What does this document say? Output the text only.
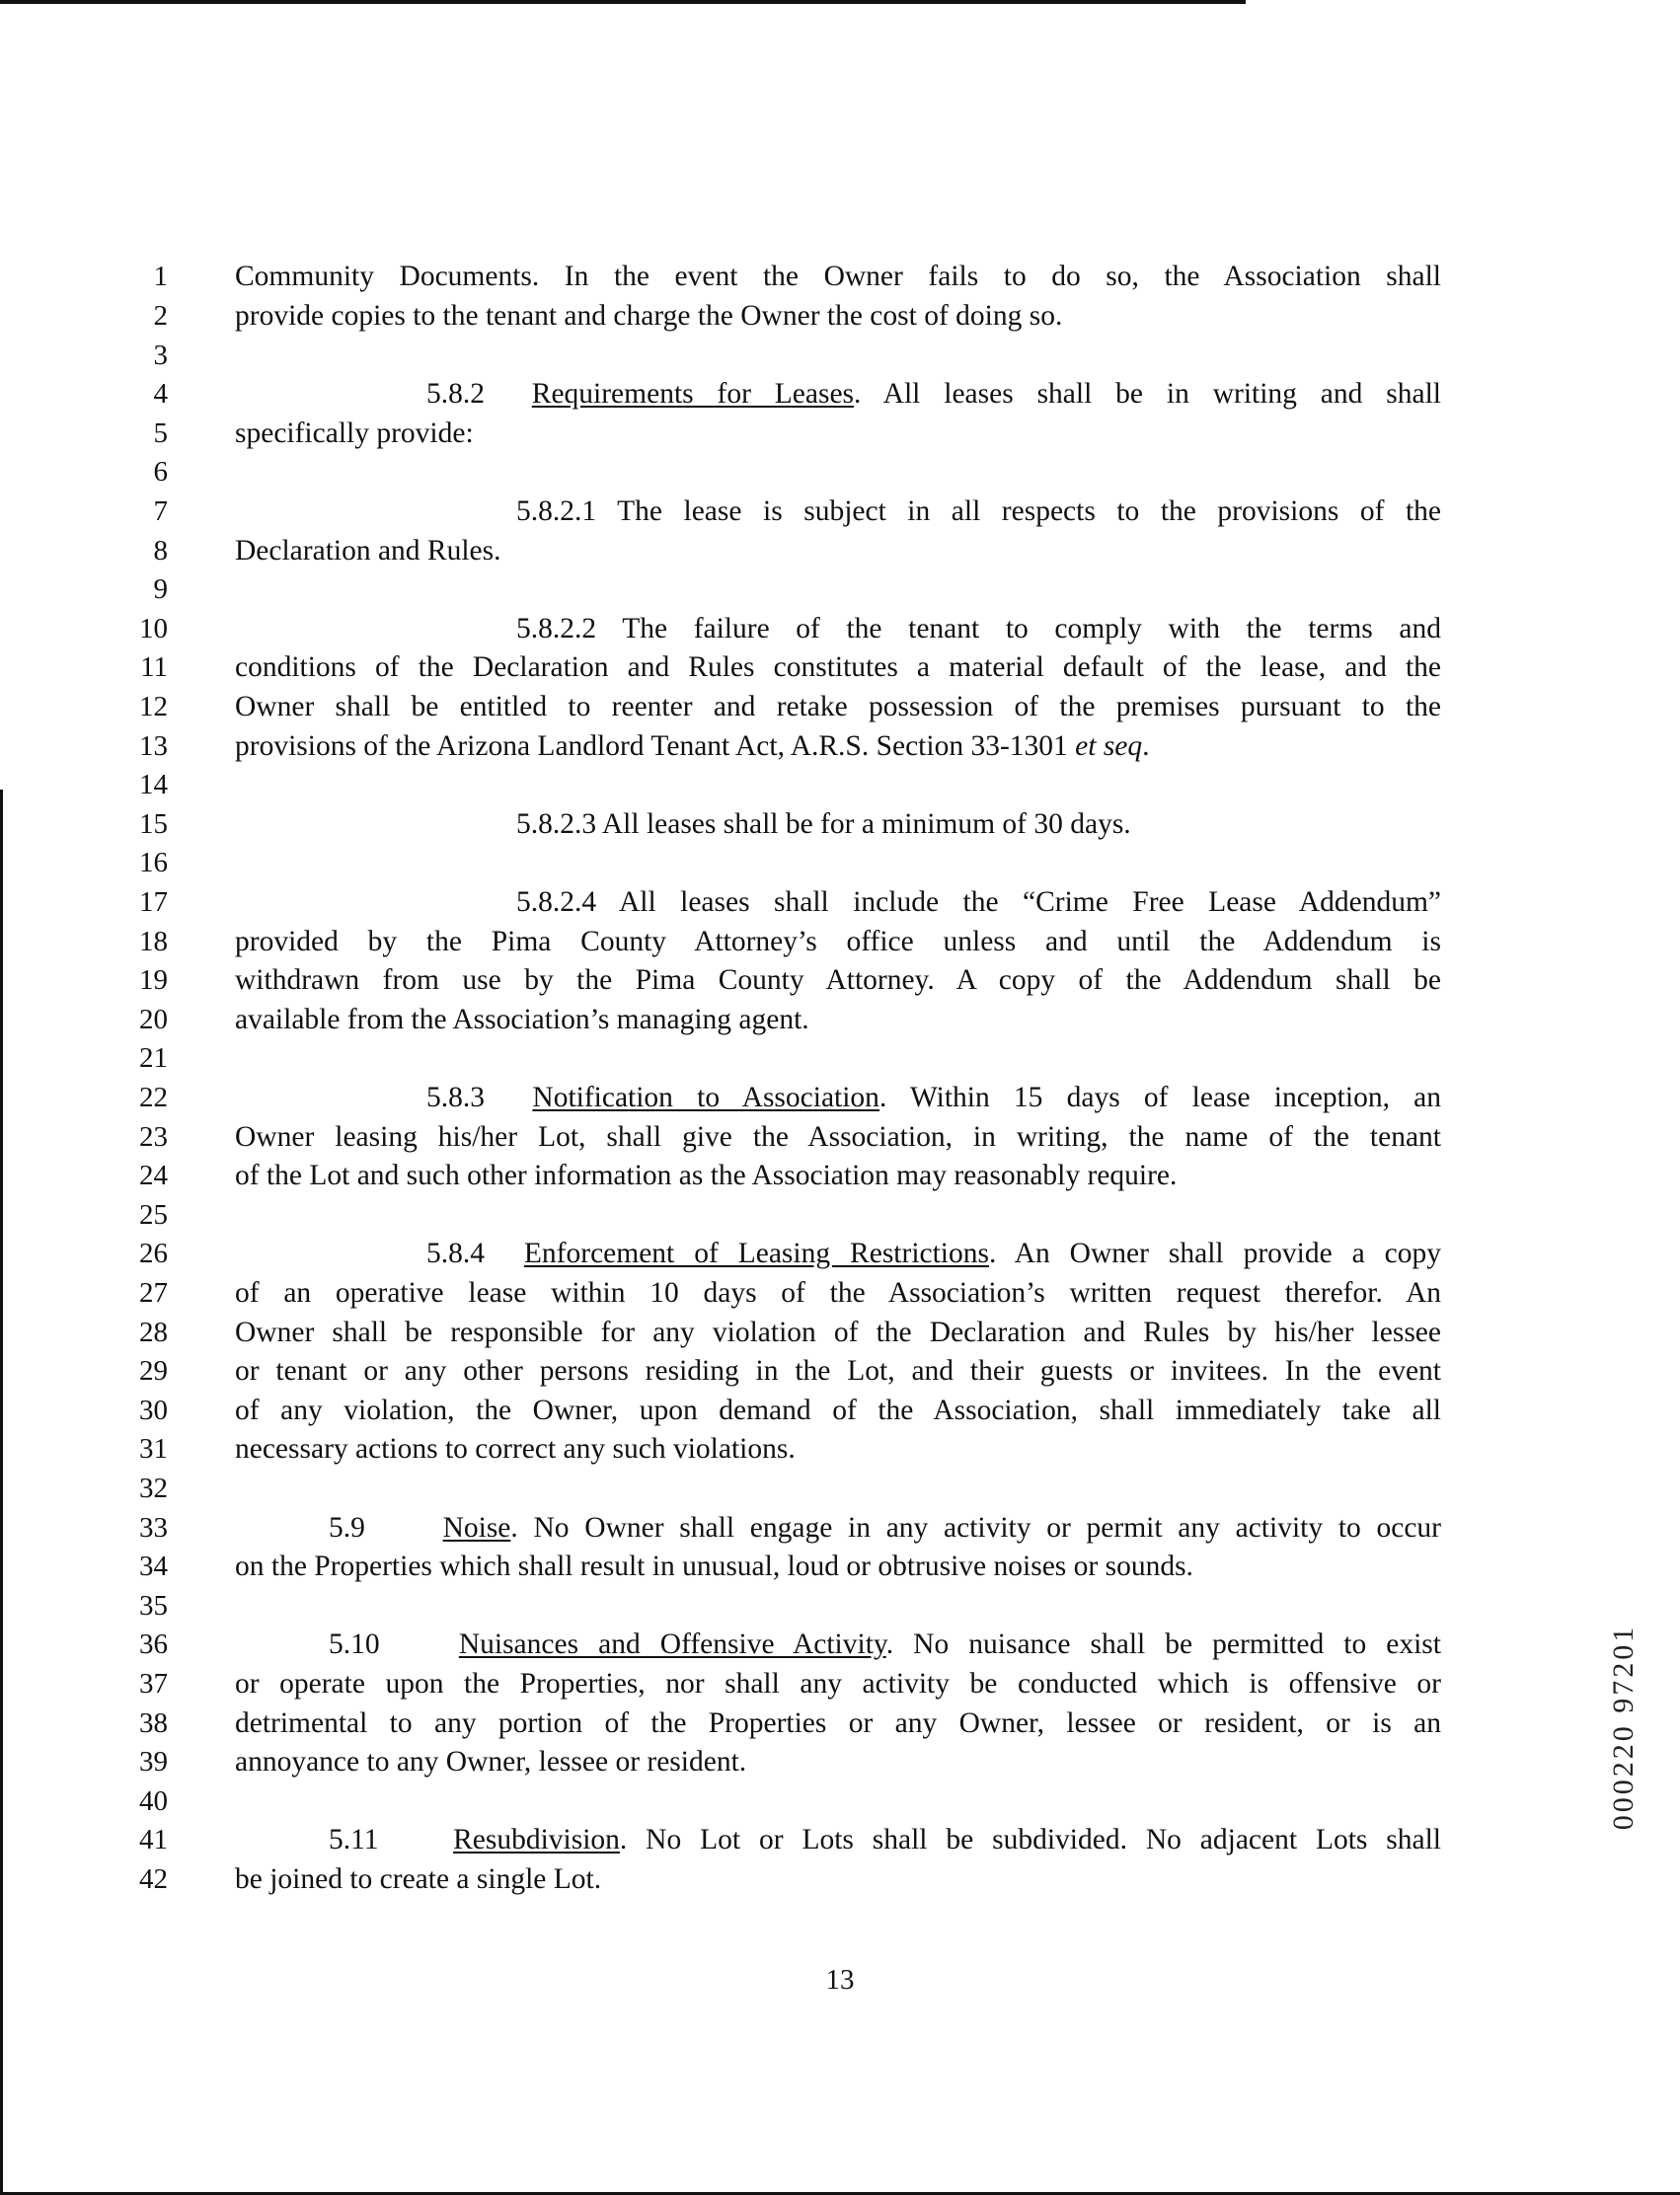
1
2
3
4
5
6
7
8
9
10
11
12
13
14
15
16
17
18
19
20
21
22
23
24
25
26
27
28
29
30
31
32
33
34
35
36
37
38
39
40
41
42
Community Documents. In the event the Owner fails to do so, the Association shall
provide copies to the tenant and charge the Owner the cost of doing so.
5.8.2 Requirements for Leases. All leases shall be in writing and shall
specifically provide:
5.8.2.1 The lease is subject in all respects to the provisions of the
Declaration and Rules.
5.8.2.2 The failure of the tenant to comply with the terms and
conditions of the Declaration and Rules constitutes a material default of the lease, and the
Owner shall be entitled to reenter and retake possession of the premises pursuant to the
provisions of the Arizona Landlord Tenant Act, A.R.S. Section 33-1301 et seq.
5.8.2.3 All leases shall be for a minimum of 30 days.
5.8.2.4 All leases shall include the “Crime Free Lease Addendum”
provided by the Pima County Attorney’s office unless and until the Addendum is
withdrawn from use by the Pima County Attorney. A copy of the Addendum shall be
available from the Association’s managing agent.
5.8.3 Notification to Association. Within 15 days of lease inception, an
Owner leasing his/her Lot, shall give the Association, in writing, the name of the tenant
of the Lot and such other information as the Association may reasonably require.
5.8.4 Enforcement of Leasing Restrictions. An Owner shall provide a copy
of an operative lease within 10 days of the Association’s written request therefor. An
Owner shall be responsible for any violation of the Declaration and Rules by his/her lessee
or tenant or any other persons residing in the Lot, and their guests or invitees. In the event
of any violation, the Owner, upon demand of the Association, shall immediately take all
necessary actions to correct any such violations.
5.9	Noise. No Owner shall engage in any activity or permit any activity to occur
on the Properties which shall result in unusual, loud or obtrusive noises or sounds.
5.10	Nuisances and Offensive Activity. No nuisance shall be permitted to exist
or operate upon the Properties, nor shall any activity be conducted which is offensive or
detrimental to any portion of the Properties or any Owner, lessee or resident, or is an
annoyance to any Owner, lessee or resident.
5.11	Resubdivision. No Lot or Lots shall be subdivided. No adjacent Lots shall
be joined to create a single Lot.
13
000220 97201
